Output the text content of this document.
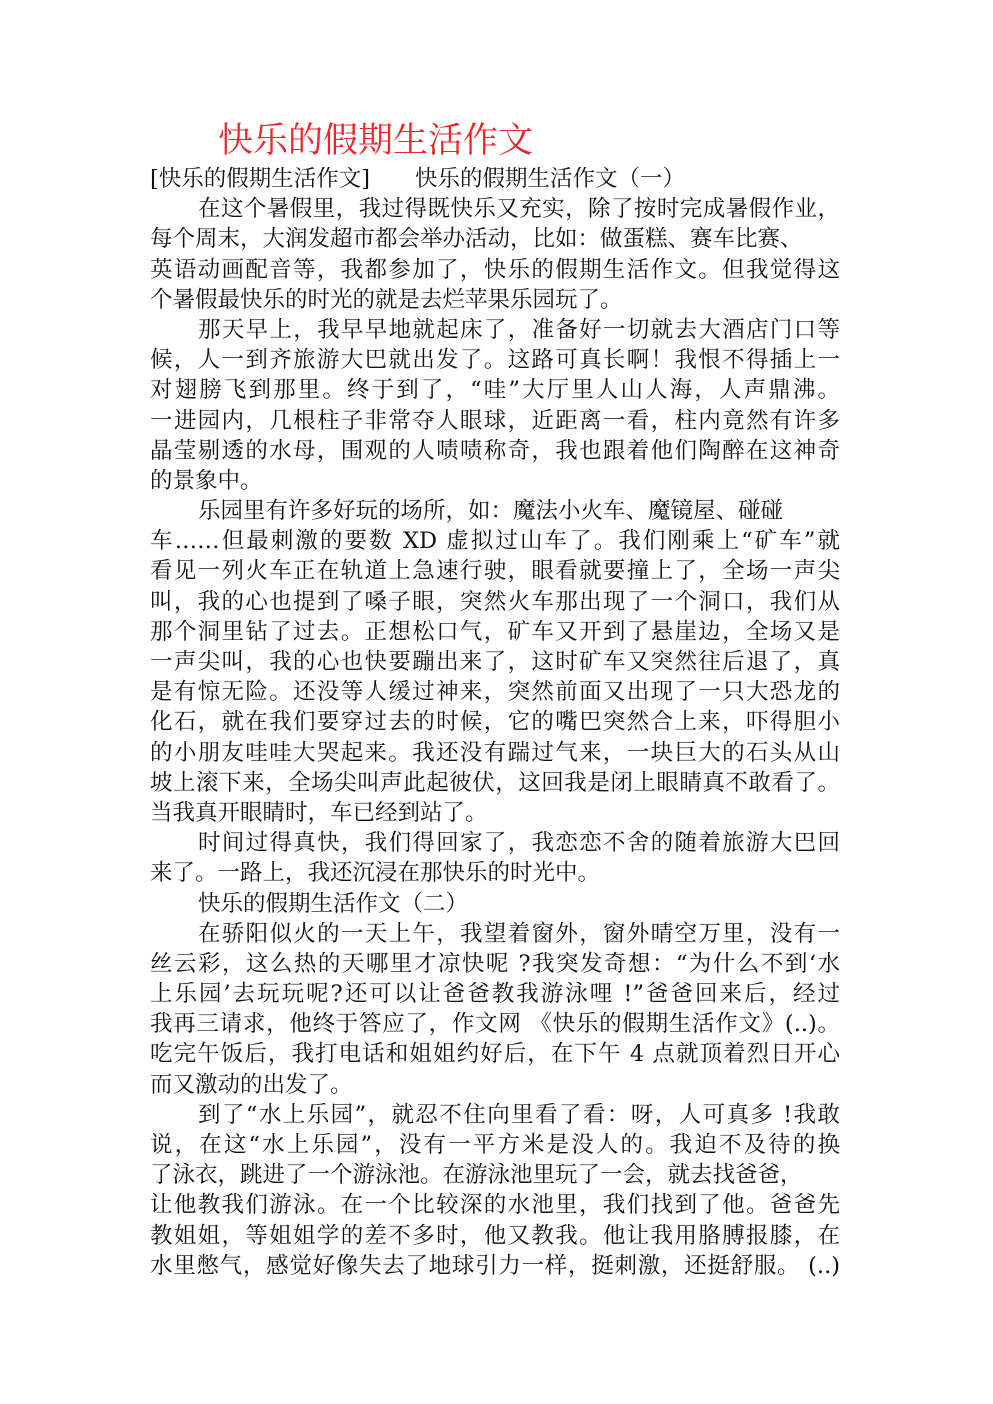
快乐的假期生活作文
[快乐的假期生活作文]　　快乐的假期生活作文（一）
在这个暑假里，我过得既快乐又充实，除了按时完成暑假作业，
每个周末，大润发超市都会举办活动，比如：做蛋糕、赛车比赛、
英语动画配音等，我都参加了，快乐的假期生活作文。但我觉得这
个暑假最快乐的时光的就是去烂苹果乐园玩了。
那天早上，我早早地就起床了，准备好一切就去大酒店门口等
候，人一到齐旅游大巴就出发了。这路可真长啊！我恨不得插上一
对翅膀飞到那里。终于到了，“哇”大厅里人山人海，人声鼎沸。
一进园内，几根柱子非常夺人眼球，近距离一看，柱内竟然有许多
晶莹剔透的水母，围观的人啧啧称奇，我也跟着他们陶醉在这神奇
的景象中。
乐园里有许多好玩的场所，如：魔法小火车、魔镜屋、碰碰
车……但最刺激的要数 XD 虚拟过山车了。我们刚乘上“矿车”就
看见一列火车正在轨道上急速行驶，眼看就要撞上了，全场一声尖
叫，我的心也提到了嗓子眼，突然火车那出现了一个洞口，我们从
那个洞里钻了过去。正想松口气，矿车又开到了悬崖边，全场又是
一声尖叫，我的心也快要蹦出来了，这时矿车又突然往后退了，真
是有惊无险。还没等人缓过神来，突然前面又出现了一只大恐龙的
化石，就在我们要穿过去的时候，它的嘴巴突然合上来，吓得胆小
的小朋友哇哇大哭起来。我还没有踹过气来，一块巨大的石头从山
坡上滚下来，全场尖叫声此起彼伏，这回我是闭上眼睛真不敢看了。
当我真开眼睛时，车已经到站了。
时间过得真快，我们得回家了，我恋恋不舍的随着旅游大巴回
来了。一路上，我还沉浸在那快乐的时光中。
快乐的假期生活作文（二）
在骄阳似火的一天上午，我望着窗外，窗外晴空万里，没有一
丝云彩，这么热的天哪里才凉快呢 ?我突发奇想：“为什么不到‘水
上乐园’去玩玩呢?还可以让爸爸教我游泳哩 !”爸爸回来后，经过
我再三请求，他终于答应了，作文网 《快乐的假期生活作文》(..)。
吃完午饭后，我打电话和姐姐约好后，在下午 4 点就顶着烈日开心
而又激动的出发了。
到了“水上乐园”，就忍不住向里看了看：呀，人可真多 !我敢
说，在这“水上乐园”，没有一平方米是没人的。我迫不及待的换
了泳衣，跳进了一个游泳池。在游泳池里玩了一会，就去找爸爸，
让他教我们游泳。在一个比较深的水池里，我们找到了他。爸爸先
教姐姐，等姐姐学的差不多时，他又教我。他让我用胳膊报膝，在
水里憋气，感觉好像失去了地球引力一样，挺刺激，还挺舒服。 (..)
